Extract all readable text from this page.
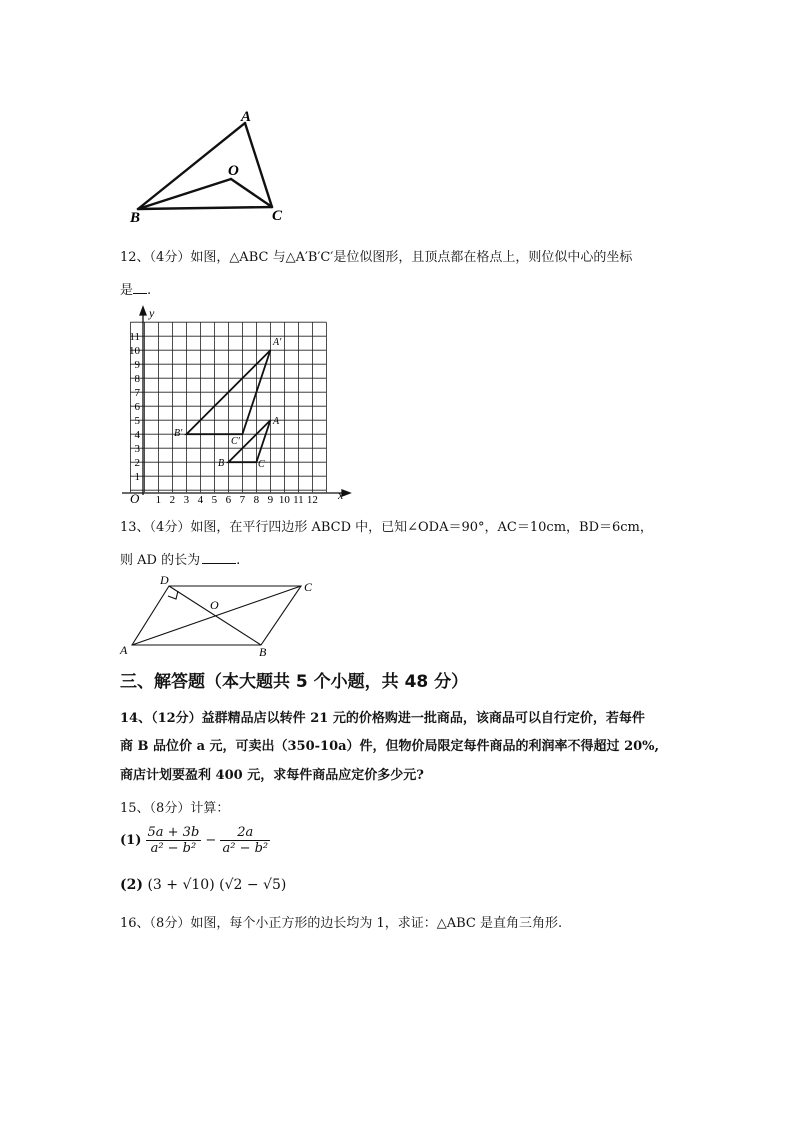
A
O
B	C
12、（4分）如图，△ABC 与△A′B′C′是位似图形，且顶点都在格点上，则位似中心的坐标
是 .
y
x
O
1
2
3
4
5
6
7
8
9
10
11
1 2 3 4 5 6 7 8 9 10 11 12
A′
B′
C′
A
B	C
13、（4分）如图，在平行四边形 ABCD 中，已知∠ODA＝90°，AC＝10cm，BD＝6cm，
则 AD 的长为	.
D	C
O
A	B
三、解答题（本大题共 5 个小题，共 48 分）
14、（12分）益群精品店以转件 21 元的价格购进一批商品，该商品可以自行定价，若每件
商 B 品位价 a 元，可卖出（350-10a）件，但物价局限定每件商品的利润率不得超过 20%,
商店计划要盈利 400 元，求每件商品应定价多少元?
15、（8分）计算：
$(1) \frac{5a + 3b}{\text{a² − b²}} - \frac{2a}{\text{a² − b²}}$
(2) (3 + √10) (√2 − √5)
16、（8分）如图，每个小正方形的边长均为 1，求证：△ABC 是直角三角形.
